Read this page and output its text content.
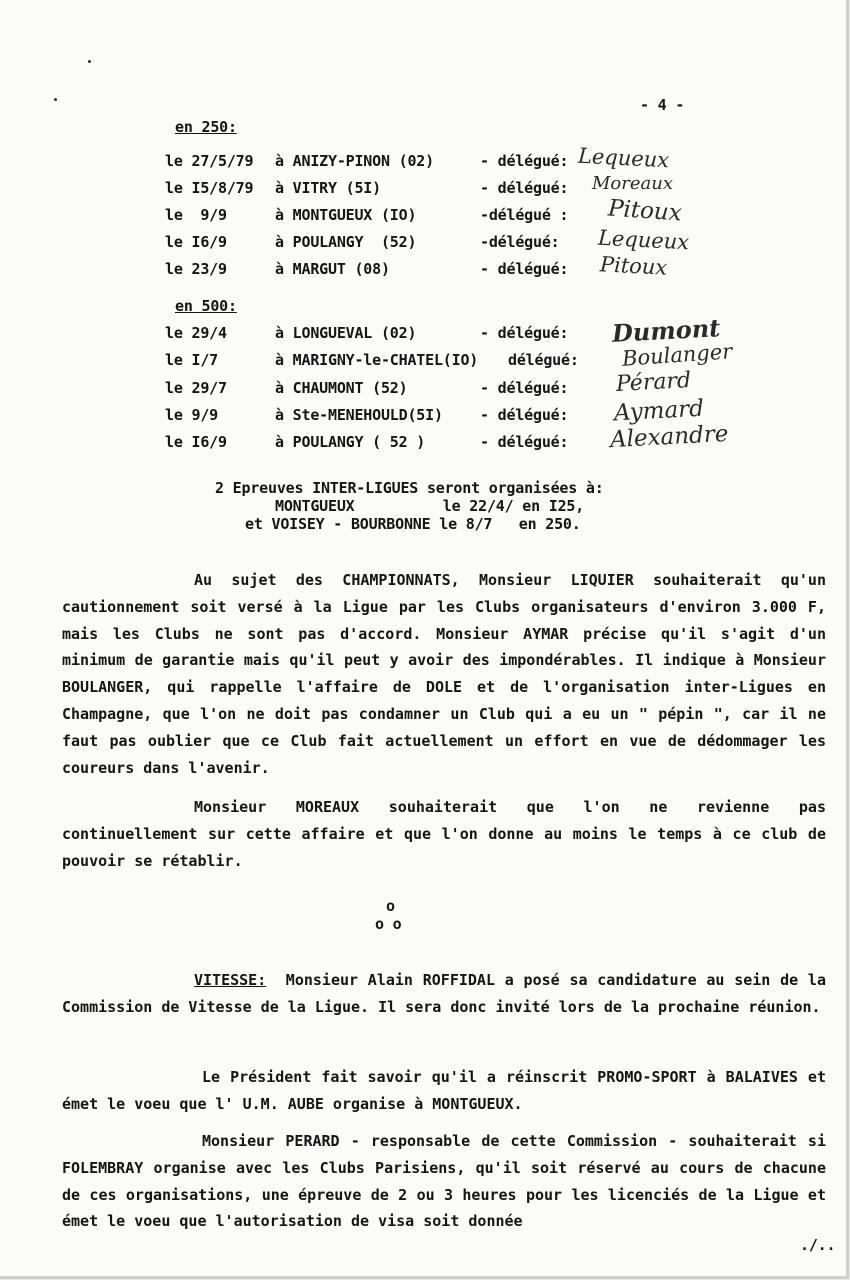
- 4 -
en 250:
le 27/5/79 à ANIZY-PINON (02)	- délégué: Lequeux
le I5/8/79 à VITRY (5I)	- délégué: Moreaux
le  9/9	à MONTGUEUX (IO)	-délégué : Pitoux
le I6/9	à POULANGY  (52)	-délégué: Lequeux
le 23/9	à MARGUT (08)	- délégué: Pitoux
en 500:
le 29/4	à LONGUEVAL (02)	- délégué: Dumont
le I/7	à MARIGNY-le-CHATEL(IO) délégué: Boulanger
le 29/7	à CHAUMONT (52)	- délégué: Pérard
le 9/9	à Ste-MENEHOULD(5I) - délégué: Aymard
le I6/9	à POULANGY ( 52 )	- délégué: Alexandre
2 Epreuves INTER-LIGUES seront organisées à:
MONTGUEUX          le 22/4/ en I25,
et VOISEY - BOURBONNE le 8/7   en 250.
Au sujet des CHAMPIONNATS, Monsieur LIQUIER souhaiterait qu'un cautionnement soit versé à la Ligue par les Clubs organisateurs d'environ 3.000 F, mais les Clubs ne sont pas d'accord. Monsieur AYMAR précise qu'il s'agit d'un minimum de garantie mais qu'il peut y avoir des impondérables. Il indique à Monsieur BOULANGER, qui rappelle l'affaire de DOLE et de l'organisation inter-Ligues en Champagne, que l'on ne doit pas condamner un Club qui a eu un " pépin ", car il ne faut pas oublier que ce Club fait actuellement un effort en vue de dédommager les coureurs dans l'avenir.
Monsieur MOREAUX souhaiterait que l'on ne revienne pas continuellement sur cette affaire et que l'on donne au moins le temps à ce club de pouvoir se rétablir.
o
o o
VITESSE: Monsieur Alain ROFFIDAL a posé sa candidature au sein de la Commission de Vitesse de la Ligue. Il sera donc invité lors de la prochaine réunion.
Le Président fait savoir qu'il a réinscrit PROMO-SPORT à BALAIVES et émet le voeu que l' U.M. AUBE organise à MONTGUEUX.
Monsieur PERARD - responsable de cette Commission - souhaiterait si FOLEMBRAY organise avec les Clubs Parisiens, qu'il soit réservé au cours de chacune de ces organisations, une épreuve de 2 ou 3 heures pour les licenciés de la Ligue et émet le voeu que l'autorisation de visa soit donnée
./..
